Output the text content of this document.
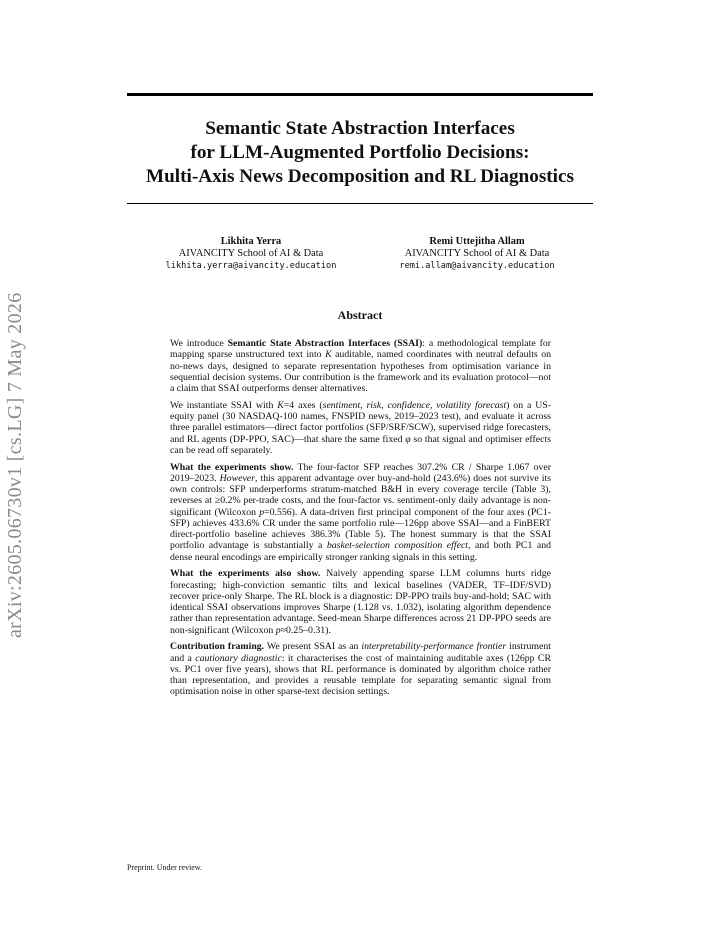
Semantic State Abstraction Interfaces
for LLM-Augmented Portfolio Decisions:
Multi-Axis News Decomposition and RL Diagnostics
arXiv:2605.06730v1 [cs.LG] 7 May 2026
Likhita Yerra
AIVANCITY School of AI & Data
likhita.yerra@aivancity.education
Remi Uttejitha Allam
AIVANCITY School of AI & Data
remi.allam@aivancity.education
Abstract

We introduce Semantic State Abstraction Interfaces (SSAI): a methodological template for mapping sparse unstructured text into K auditable, named coordinates with neutral defaults on no-news days, designed to separate representation hypotheses from optimisation variance in sequential decision systems. Our contribution is the framework and its evaluation protocol—not a claim that SSAI outperforms denser alternatives.

We instantiate SSAI with K=4 axes (sentiment, risk, confidence, volatility forecast) on a US-equity panel (30 NASDAQ-100 names, FNSPID news, 2019–2023 test), and evaluate it across three parallel estimators—direct factor portfolios (SFP/SRF/SCW), supervised ridge forecasters, and RL agents (DP-PPO, SAC)—that share the same fixed φ so that signal and optimiser effects can be read off separately.

What the experiments show. The four-factor SFP reaches 307.2% CR / Sharpe 1.067 over 2019–2023. However, this apparent advantage over buy-and-hold (243.6%) does not survive its own controls: SFP underperforms stratum-matched B&H in every coverage tercile (Table 3), reverses at ≥0.2% per-trade costs, and the four-factor vs. sentiment-only daily advantage is non-significant (Wilcoxon p=0.556). A data-driven first principal component of the four axes (PC1-SFP) achieves 433.6% CR under the same portfolio rule—126pp above SSAI—and a FinBERT direct-portfolio baseline achieves 386.3% (Table 5). The honest summary is that the SSAI portfolio advantage is substantially a basket-selection composition effect, and both PC1 and dense neural encodings are empirically stronger ranking signals in this setting.

What the experiments also show. Naively appending sparse LLM columns hurts ridge forecasting; high-conviction semantic tilts and lexical baselines (VADER, TF–IDF/SVD) recover price-only Sharpe. The RL block is a diagnostic: DP-PPO trails buy-and-hold; SAC with identical SSAI observations improves Sharpe (1.128 vs. 1.032), isolating algorithm dependence rather than representation advantage. Seed-mean Sharpe differences across 21 DP-PPO seeds are non-significant (Wilcoxon p≈0.25–0.31).

Contribution framing. We present SSAI as an interpretability-performance frontier instrument and a cautionary diagnostic: it characterises the cost of maintaining auditable axes (126pp CR vs. PC1 over five years), shows that RL performance is dominated by algorithm choice rather than representation, and provides a reusable template for separating semantic signal from optimisation noise in other sparse-text decision settings.

Preprint. Under review.
